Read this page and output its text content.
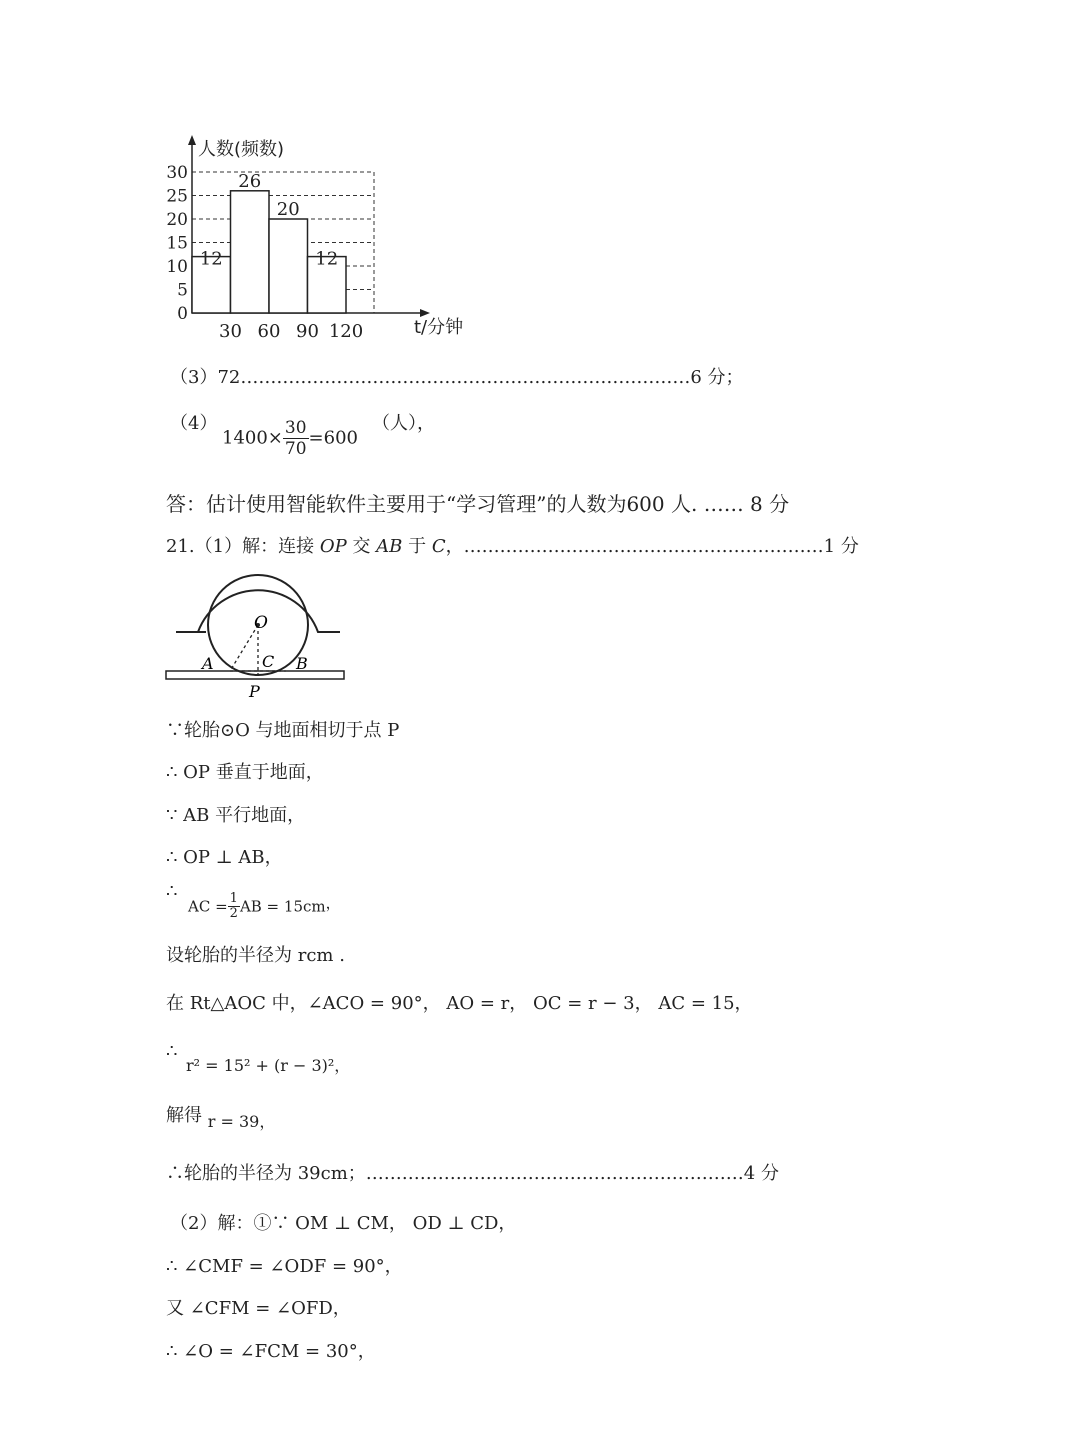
12
26
20
12
30
25
20
15
10
5
0
30 60 90 120
人数(频数)
t/分钟
（3）72…………………………………………………………………6 分；
（4）
$1400\times \frac{30}{70} =600$
（人），
答：估计使用智能软件主要用于“学习管理”的人数为600 人. …… 8 分
21.（1）解：连接 OP 交 AB 于 C，……………………………………………………1 分
O
A	C B
P
∵轮胎⊙O 与地面相切于点 P
∴ OP 垂直于地面，
∵ AB 平行地面，
∴ OP ⊥ AB，
∴
AC = $\frac{1}{2}$ AB = 15cm，
设轮胎的半径为 rcm .
在 Rt△AOC 中，∠ACO = 90°， AO = r， OC = r − 3， AC = 15，
∴
r² = 15² + (r − 3)²，
解得 r = 39，
∴轮胎的半径为 39cm；………………………………………………………4 分
（2）解：①∵ OM ⊥ CM， OD ⊥ CD，
∴ ∠CMF = ∠ODF = 90°，
又 ∠CFM = ∠OFD，
∴ ∠O = ∠FCM = 30°，
